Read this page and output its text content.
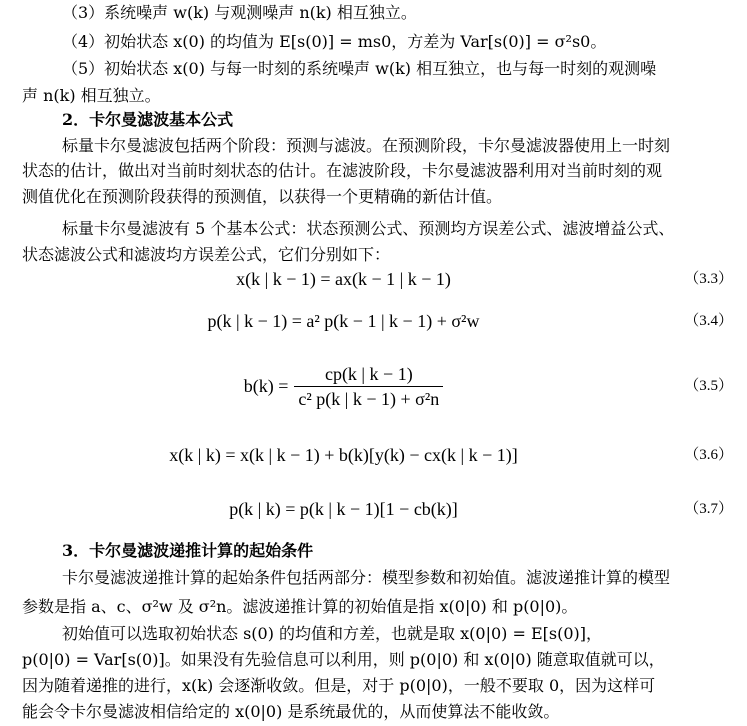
（3）系统噪声 w(k) 与观测噪声 n(k) 相互独立。
（4）初始状态 x(0) 的均值为 E[s(0)] = ms0，方差为 Var[s(0)] = σ²s0。
（5）初始状态 x(0) 与每一时刻的系统噪声 w(k) 相互独立，也与每一时刻的观测噪
声 n(k) 相互独立。
2．卡尔曼滤波基本公式
标量卡尔曼滤波包括两个阶段：预测与滤波。在预测阶段，卡尔曼滤波器使用上一时刻
状态的估计，做出对当前时刻状态的估计。在滤波阶段，卡尔曼滤波器利用对当前时刻的观
测值优化在预测阶段获得的预测值，以获得一个更精确的新估计值。
标量卡尔曼滤波有 5 个基本公式：状态预测公式、预测均方误差公式、滤波增益公式、
状态滤波公式和滤波均方误差公式，它们分别如下：
x(k | k − 1) = ax(k − 1 | k − 1)	（3.3）
p(k | k − 1) = a² p(k − 1 | k − 1) + σ²w	（3.4）
$b(k) = \frac{cp(k | k - 1)}{\text{c² p(k | k − 1) + σ²n}}$	（3.5）
x(k | k) = x(k | k − 1) + b(k)[y(k) − cx(k | k − 1)]	（3.6）
p(k | k) = p(k | k − 1)[1 − cb(k)]	（3.7）
3．卡尔曼滤波递推计算的起始条件
卡尔曼滤波递推计算的起始条件包括两部分：模型参数和初始值。滤波递推计算的模型
参数是指 a、c、σ²w 及 σ²n。滤波递推计算的初始值是指 x(0|0) 和 p(0|0)。
初始值可以选取初始状态 s(0) 的均值和方差，也就是取 x(0|0) = E[s(0)]，
p(0|0) = Var[s(0)]。如果没有先验信息可以利用，则 p(0|0) 和 x(0|0) 随意取值就可以，
因为随着递推的进行，x(k) 会逐渐收敛。但是，对于 p(0|0)，一般不要取 0，因为这样可
能会令卡尔曼滤波相信给定的 x(0|0) 是系统最优的，从而使算法不能收敛。
